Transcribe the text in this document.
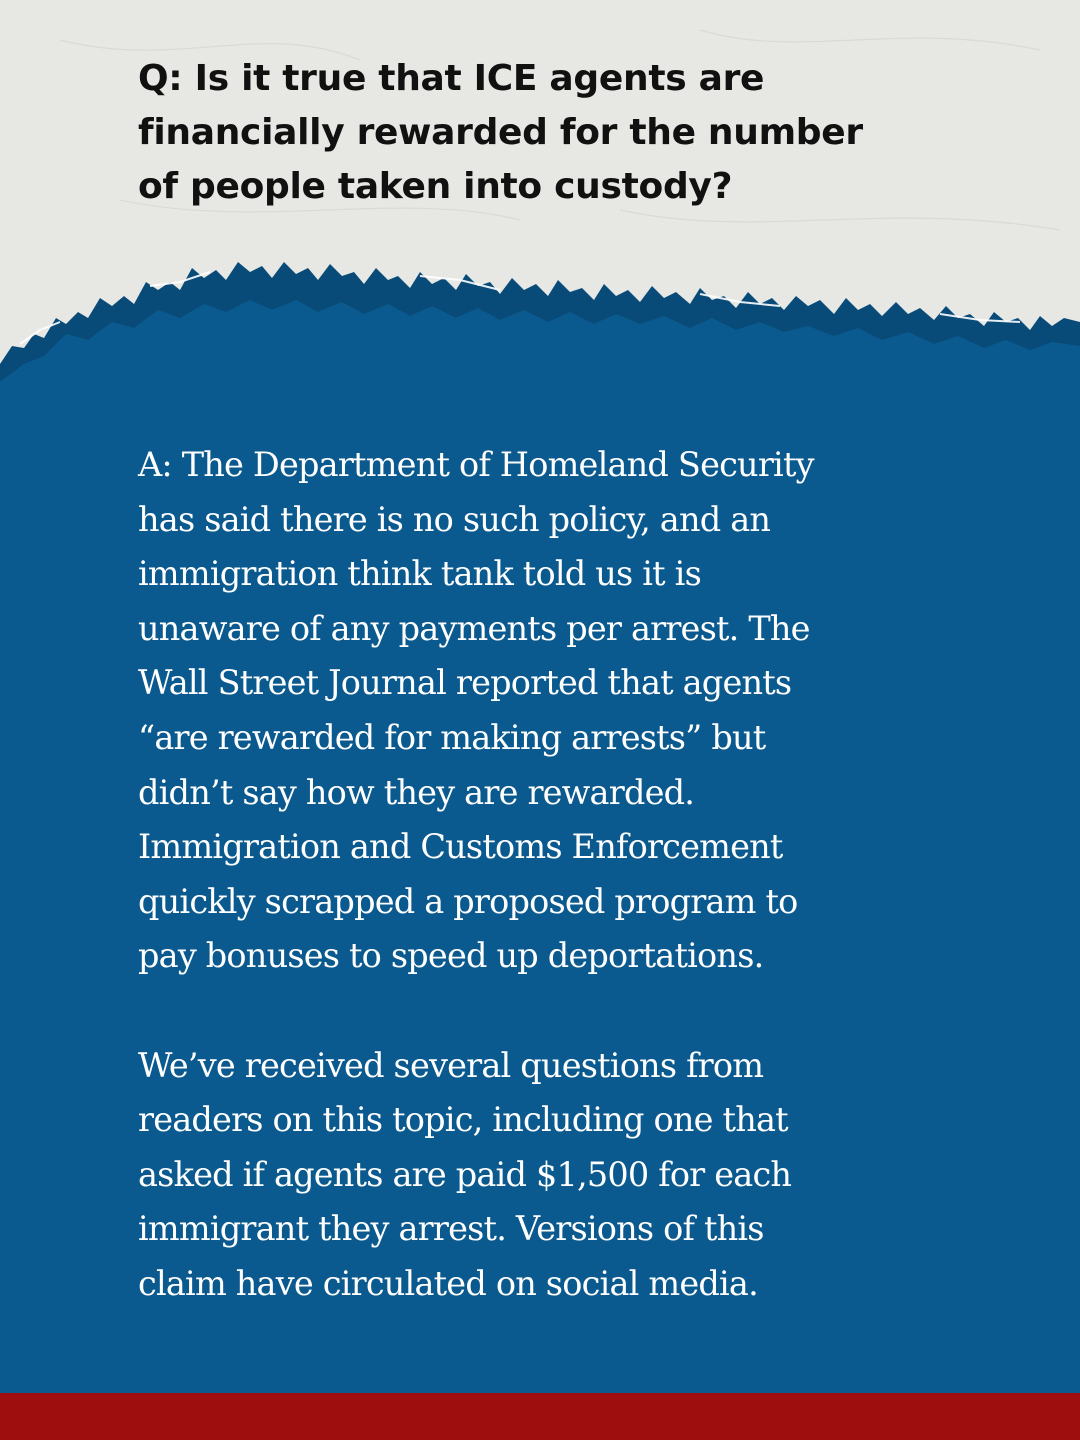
Q: Is it true that ICE agents are
financially rewarded for the number
of people taken into custody?

A: The Department of Homeland Security
has said there is no such policy, and an
immigration think tank told us it is
unaware of any payments per arrest. The
Wall Street Journal reported that agents
“are rewarded for making arrests” but
didn’t say how they are rewarded.
Immigration and Customs Enforcement
quickly scrapped a proposed program to
pay bonuses to speed up deportations.

We’ve received several questions from
readers on this topic, including one that
asked if agents are paid $1,500 for each
immigrant they arrest. Versions of this
claim have circulated on social media.
